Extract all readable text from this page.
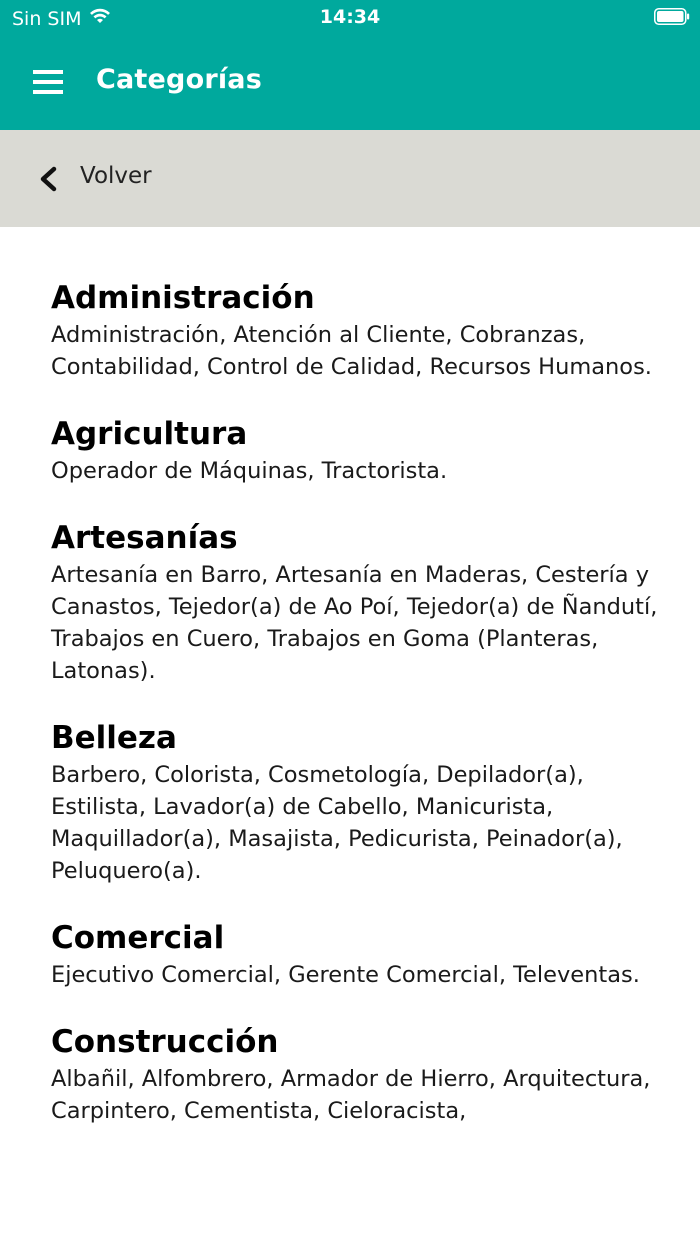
Sin SIM	14:34
Categorías
Volver
Administración

Administración, Atención al Cliente, Cobranzas, Contabilidad, Control de Calidad, Recursos Humanos.

Agricultura

Operador de Máquinas, Tractorista.

Artesanías

Artesanía en Barro, Artesanía en Maderas, Cestería y Canastos, Tejedor(a) de Ao Poí, Tejedor(a) de Ñandutí, Trabajos en Cuero, Trabajos en Goma (Planteras, Latonas).

Belleza

Barbero, Colorista, Cosmetología, Depilador(a), Estilista, Lavador(a) de Cabello, Manicurista, Maquillador(a), Masajista, Pedicurista, Peinador(a), Peluquero(a).

Comercial

Ejecutivo Comercial, Gerente Comercial, Televentas.

Construcción

Albañil, Alfombrero, Armador de Hierro, Arquitectura, Carpintero, Cementista, Cieloracista,
